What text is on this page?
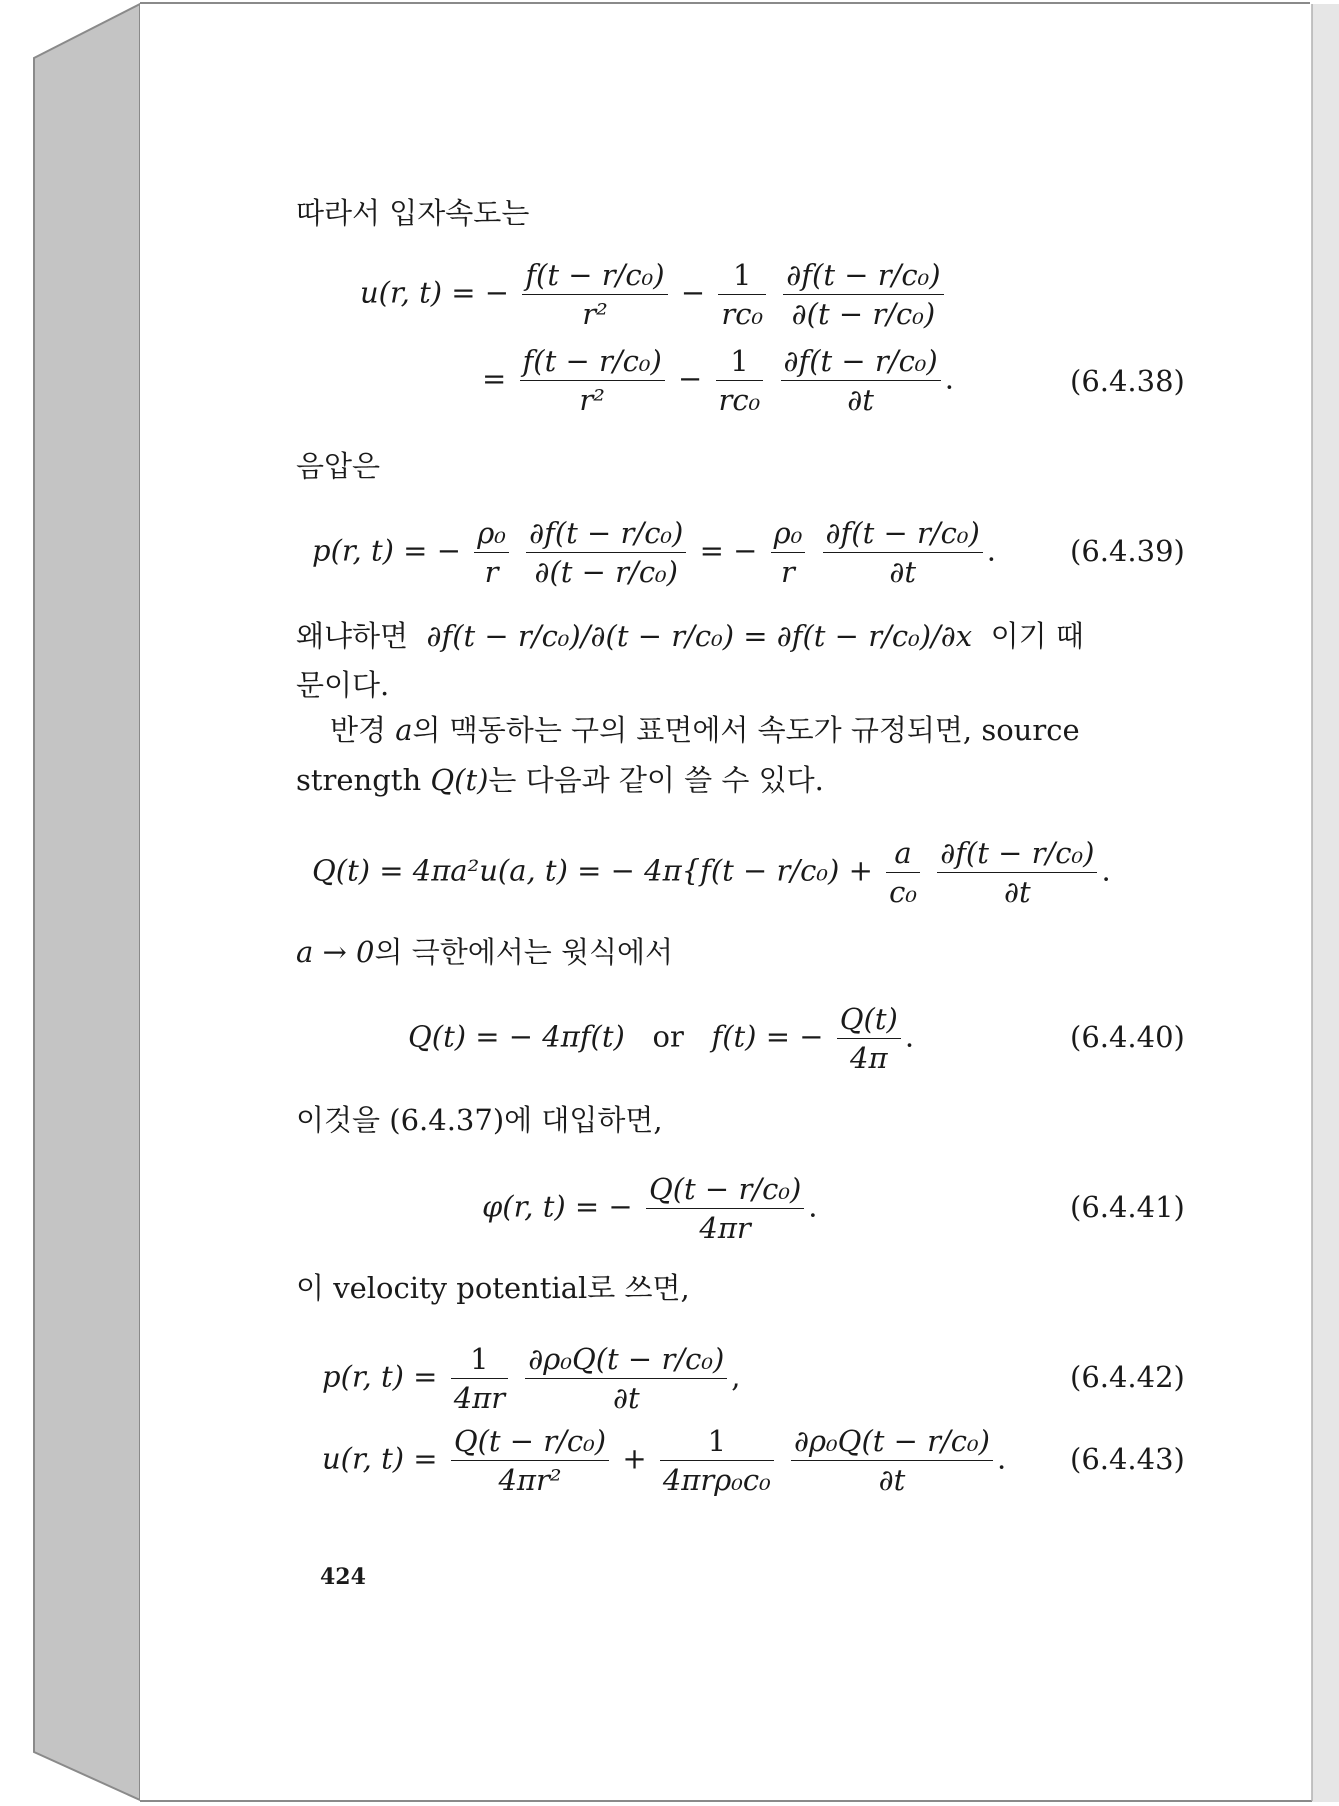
따라서 입자속도는
u(r, t) = − $\frac{\text{f(t − r/c₀)}}{\text{r²}} - \frac{1}{\text{rc₀}}$
$\frac{\text{∂f(t − r/c₀)}}{\text{∂(t − r/c₀)}}$
= $\frac{\text{f(t − r/c₀)}}{\text{r²}} - \frac{1}{\text{rc₀}}$
$\frac{\text{∂f(t − r/c₀)}}{\partial t}$ .	(6.4.38)
음압은
p(r, t) = − $\frac{\text{ρ₀}}{r}$
$\frac{\text{∂f(t − r/c₀)}}{\text{∂(t − r/c₀)}}$ = − $\frac{\text{ρ₀}}{r}$
$\frac{\text{∂f(t − r/c₀)}}{\partial t}$ .	(6.4.39)
왜냐하면 ∂f(t − r/c₀)/∂(t − r/c₀) = ∂f(t − r/c₀)/∂x 이기 때
문이다.
반경 a의 맥동하는 구의 표면에서 속도가 규정되면, source
strength Q(t)는 다음과 같이 쓸 수 있다.
Q(t) = 4πa²u(a, t) = − $4\pi\{f(t - r/c_0) + \frac{a}{\text{c₀}}$
$\frac{\text{∂f(t − r/c₀)}}{\partial t}$ .
a → 0의 극한에서는 윗식에서
Q(t) = − 4πf(t) or f(t) = − $\frac{Q(t)}{4\pi}$ .	(6.4.40)
이것을 (6.4.37)에 대입하면,
φ(r, t) = − $\frac{\text{Q(t − r/c₀)}}{4\pi r}$ .	(6.4.41)
이 velocity potential로 쓰면,
p(r, $t) = \frac{1}{4\pi r}$
$\frac{\text{∂ρ₀Q(t − r/c₀)}}{\partial t}$ ,	(6.4.42)
u(r, $t) = \frac{\text{Q(t − r/c₀)}}{\text{4πr²}} + \frac{1}{\text{4πrρ₀c₀}}$
$\frac{\text{∂ρ₀Q(t − r/c₀)}}{\partial t}$ . (6.4.43)
424
